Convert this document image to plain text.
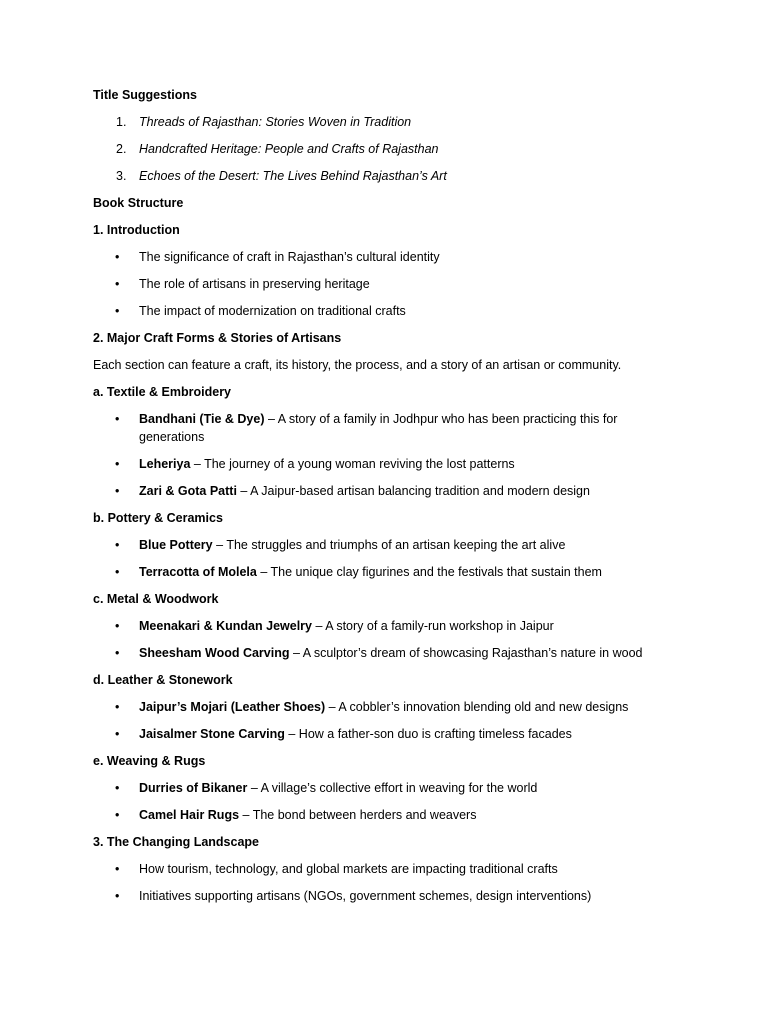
Title Suggestions
1. Threads of Rajasthan: Stories Woven in Tradition
2. Handcrafted Heritage: People and Crafts of Rajasthan
3. Echoes of the Desert: The Lives Behind Rajasthan’s Art
Book Structure
1. Introduction
• The significance of craft in Rajasthan’s cultural identity
• The role of artisans in preserving heritage
• The impact of modernization on traditional crafts
2. Major Craft Forms & Stories of Artisans
Each section can feature a craft, its history, the process, and a story of an artisan or community.
a. Textile & Embroidery
• Bandhani (Tie & Dye) – A story of a family in Jodhpur who has been practicing this for generations
• Leheriya – The journey of a young woman reviving the lost patterns
• Zari & Gota Patti – A Jaipur-based artisan balancing tradition and modern design
b. Pottery & Ceramics
• Blue Pottery – The struggles and triumphs of an artisan keeping the art alive
• Terracotta of Molela – The unique clay figurines and the festivals that sustain them
c. Metal & Woodwork
• Meenakari & Kundan Jewelry – A story of a family-run workshop in Jaipur
• Sheesham Wood Carving – A sculptor’s dream of showcasing Rajasthan’s nature in wood
d. Leather & Stonework
• Jaipur’s Mojari (Leather Shoes) – A cobbler’s innovation blending old and new designs
• Jaisalmer Stone Carving – How a father-son duo is crafting timeless facades
e. Weaving & Rugs
• Durries of Bikaner – A village’s collective effort in weaving for the world
• Camel Hair Rugs – The bond between herders and weavers
3. The Changing Landscape
• How tourism, technology, and global markets are impacting traditional crafts
• Initiatives supporting artisans (NGOs, government schemes, design interventions)
